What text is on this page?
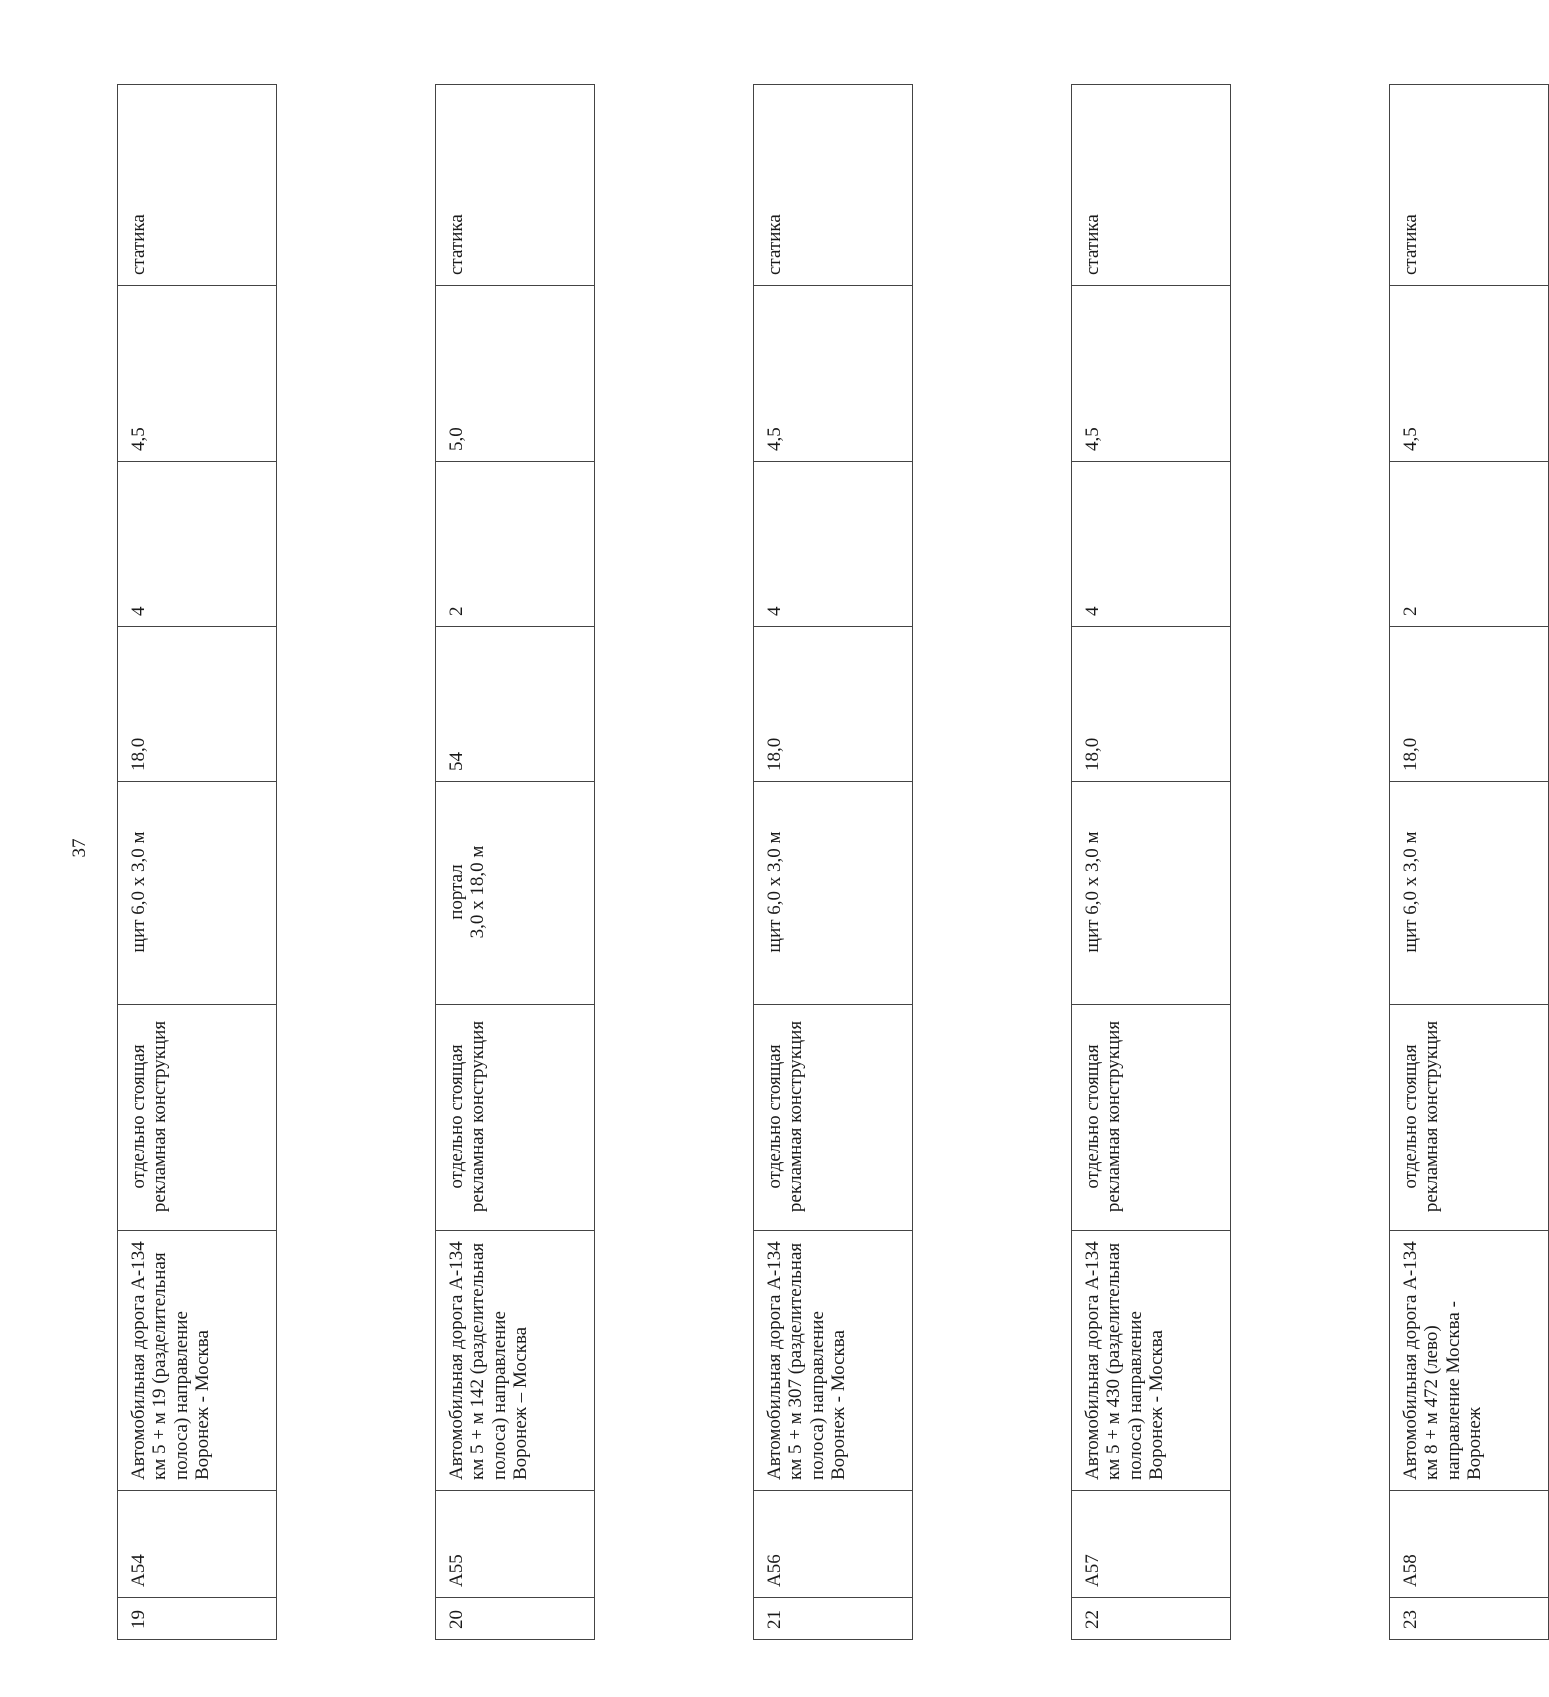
37

19	А54	Автомобильная дорога А-134 км 5 + м 19 (разделительная полоса) направление Воронеж - Москва	отдельно стоящая рекламная конструкция	щит 6,0 х 3,0 м	18,0	4	4,5	статика

20	А55	Автомобильная дорога А-134 км 5 + м 142 (разделительная полоса) направление Воронеж – Москва	отдельно стоящая рекламная конструкция	портал 3,0 х 18,0 м	54	2	5,0	статика

21	А56	Автомобильная дорога А-134 км 5 + м 307 (разделительная полоса) направление Воронеж - Москва	отдельно стоящая рекламная конструкция	щит 6,0 х 3,0 м	18,0	4	4,5	статика

22	А57	Автомобильная дорога А-134 км 5 + м 430 (разделительная полоса) направление Воронеж - Москва	отдельно стоящая рекламная конструкция	щит 6,0 х 3,0 м	18,0	4	4,5	статика

23	А58	Автомобильная дорога А-134 км 8 + м 472 (лево) направление Москва - Воронеж	отдельно стоящая рекламная конструкция	щит 6,0 х 3,0 м	18,0	2	4,5	статика
